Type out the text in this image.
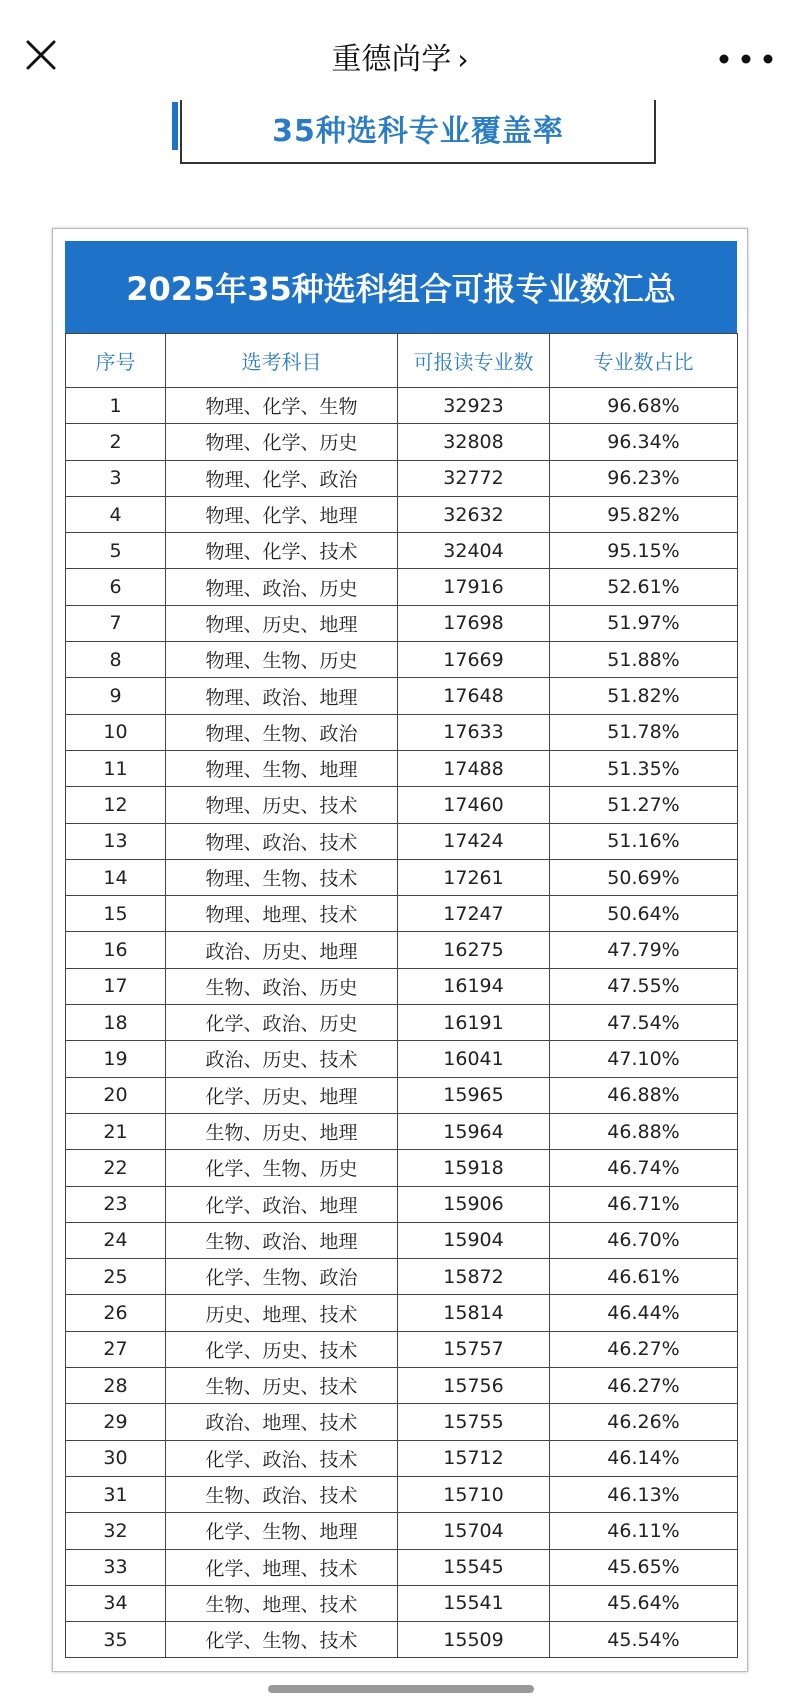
重德尚学 ›
35种选科专业覆盖率
2025年35种选科组合可报专业数汇总
序号	选考科目	可报读专业数	专业数占比
1	物理、化学、生物	32923	96.68%
2	物理、化学、历史	32808	96.34%
3	物理、化学、政治	32772	96.23%
4	物理、化学、地理	32632	95.82%
5	物理、化学、技术	32404	95.15%
6	物理、政治、历史	17916	52.61%
7	物理、历史、地理	17698	51.97%
8	物理、生物、历史	17669	51.88%
9	物理、政治、地理	17648	51.82%
10	物理、生物、政治	17633	51.78%
11	物理、生物、地理	17488	51.35%
12	物理、历史、技术	17460	51.27%
13	物理、政治、技术	17424	51.16%
14	物理、生物、技术	17261	50.69%
15	物理、地理、技术	17247	50.64%
16	政治、历史、地理	16275	47.79%
17	生物、政治、历史	16194	47.55%
18	化学、政治、历史	16191	47.54%
19	政治、历史、技术	16041	47.10%
20	化学、历史、地理	15965	46.88%
21	生物、历史、地理	15964	46.88%
22	化学、生物、历史	15918	46.74%
23	化学、政治、地理	15906	46.71%
24	生物、政治、地理	15904	46.70%
25	化学、生物、政治	15872	46.61%
26	历史、地理、技术	15814	46.44%
27	化学、历史、技术	15757	46.27%
28	生物、历史、技术	15756	46.27%
29	政治、地理、技术	15755	46.26%
30	化学、政治、技术	15712	46.14%
31	生物、政治、技术	15710	46.13%
32	化学、生物、地理	15704	46.11%
33	化学、地理、技术	15545	45.65%
34	生物、地理、技术	15541	45.64%
35	化学、生物、技术	15509	45.54%
